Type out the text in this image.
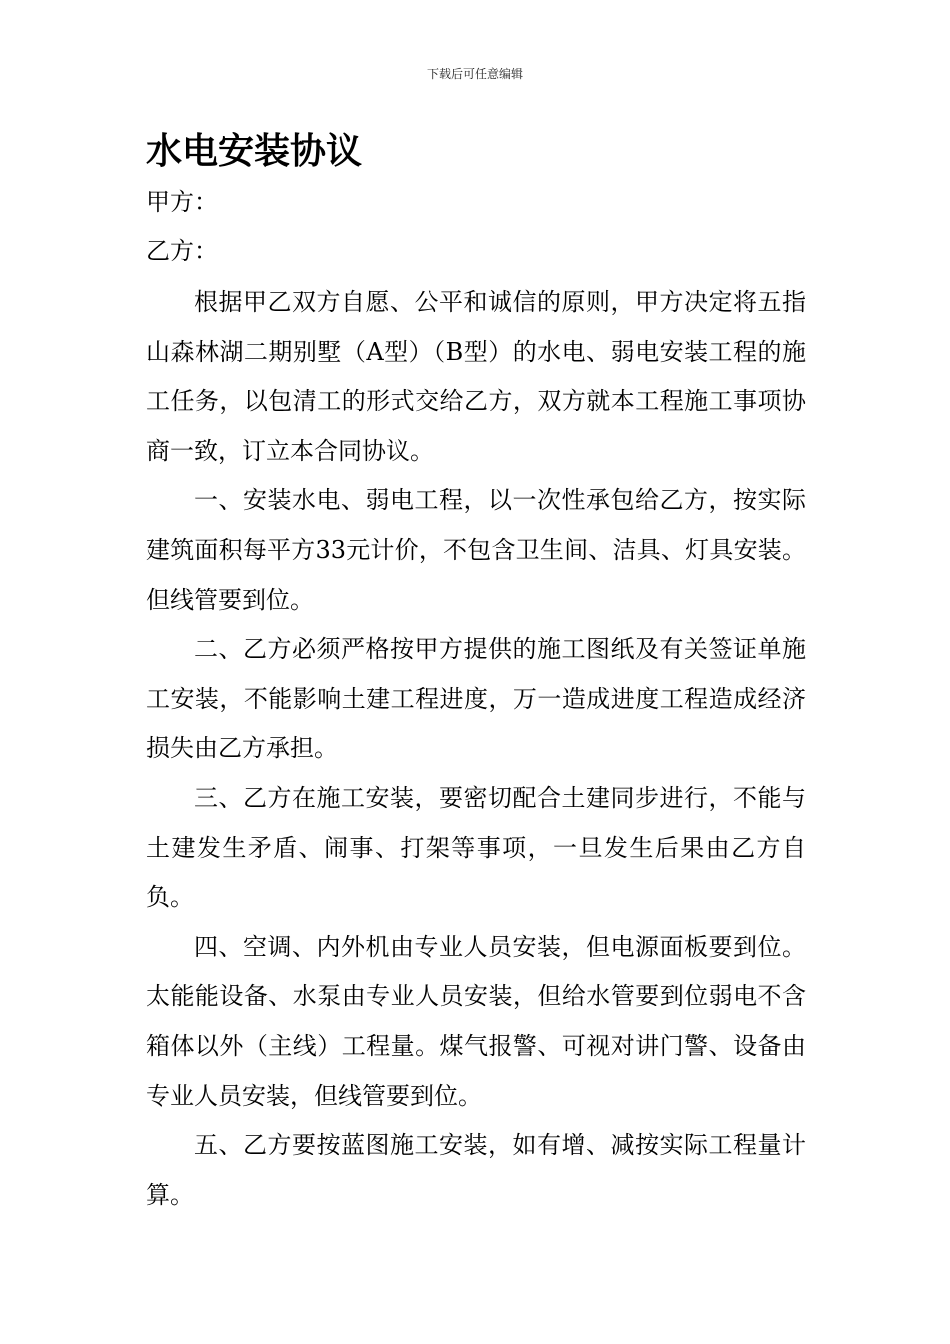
下载后可任意编辑
水电安装协议

甲方：

乙方：

根据甲乙双方自愿、公平和诚信的原则，甲方决定将五指山森林湖二期别墅（A型）（B型）的水电、弱电安装工程的施工任务，以包清工的形式交给乙方，双方就本工程施工事项协商一致，订立本合同协议。

一、安装水电、弱电工程，以一次性承包给乙方，按实际建筑面积每平方33元计价，不包含卫生间、洁具、灯具安装。但线管要到位。

二、乙方必须严格按甲方提供的施工图纸及有关签证单施工安装，不能影响土建工程进度，万一造成进度工程造成经济损失由乙方承担。

三、乙方在施工安装，要密切配合土建同步进行，不能与土建发生矛盾、闹事、打架等事项，一旦发生后果由乙方自负。

四、空调、内外机由专业人员安装，但电源面板要到位。太能能设备、水泵由专业人员安装，但给水管要到位弱电不含箱体以外（主线）工程量。煤气报警、可视对讲门警、设备由专业人员安装，但线管要到位。

五、乙方要按蓝图施工安装，如有增、减按实际工程量计算。
